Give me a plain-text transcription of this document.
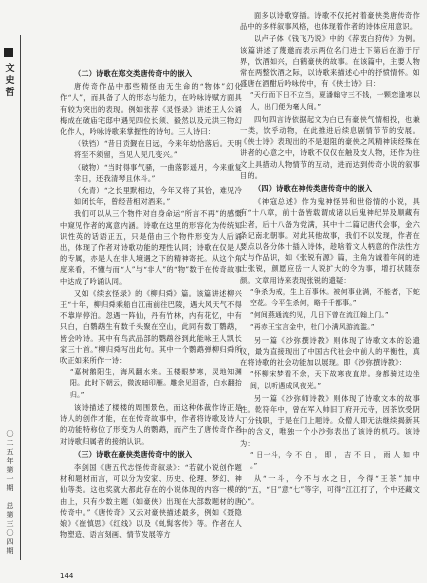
文
史
哲
〇
二
五
年
第
一
期

总
第
三
〇
四
期

（二）诗歌在郑交类唐传奇中的嵌入

唐传奇作品中那些精怪由无生命的“物体”幻化作“人”，而具备了人的形态与能力，在吟咏诗赋方面具有较为突出的表现。例如张荐《灵怪录》讲述王人公诵梅成在破庙宅邸中遇见四位长须、毅然以及元洪三物幻化作人，吟咏诗歌来掌握性的诗句。三人诗曰：

（铁铛）“昔日贡觐在日远，今来年幼恰落后。天明将至不须留，当见人见几变兴。”

（破物）“当时得事气骚，一曲落影遥月，今来重复幸日，还我清琴且休斗。”

（允青）“之长里默相边，今年又将了其恰，难见冷如闭长年，曾经昔相对酒来。”

我们可以从三个物件对自身命运“所言不再”的感慨中窥见作者的寓意内涵。诗歌在这里的形容化为传统知识性英的话语正五，只是借由三个物件形变为人后诵出，体现了作者对诗歌功能的理性认同；诗歌在仅是人的专属，亦是人在非人境遇之下的精神寄托。从这个角度来看，不懂与而“人”与“非人”的“物”数于在传奇故事中达成了吟诵认同。

又如《续玄怪录》的《柳归舜》篇。该篇讲述柳兴王“十年，柳归舜乘船自江南前往巴陵，遇大风天气不得不靠岸停泊。忽遇一阵仙，丹有竹林，内有花忆，中有只白，白鹦鹉生有数千头聚在空山，此同有数丁鹦鹉，皆会吟诗。其中有鸟武品部的鹦鹉谷到此能咏王人凯长家三十首。”柳归舜写出此句。其中一个鹦鹉弹柳归舜所吹正如来所作一诗：

“嘉树鹅阳生，海风翻水来。玉楼眼梦寒，灵地知渊阳。此时下朝云，微波暗印雁。雕余见泪香，白水翻抬归。”

该诗描述了楼楼的周围景色，而这种体裁作诗正是诗人的创作才能，在在传奇故事中，作者将诗歌及诗人的功能特称位了形变为人的鹦鹉，而产生了唐传奇作者对诗歌归属者的接纳认识。

（三）诗歌在豪侠类唐传奇中的嵌入

李剑国《唐五代志怪传奇叙录》：“若就小说创作题材和题材而言，可以分为安家、历史、伦理、梦幻、神仙等类。这也奖就大都此存在的小说体现的内容一模的由上，只有少数主题（如豪侠）出现在大部数题材的唐传奇中。”《唐传奇》又云对豪侠描述最多，例如《聂隐娘》《崔慎思》《红线》以及《虬髯客传》等。作者在人物塑造、语言刻画、情节发展等方

面多以诗歌穿插。诗歌不仅托衬着豪侠类唐传奇作品中的多样叙事风格，也体现着作者的诗体应用意识。

以卢子体《钱飞乃说》中的《荐衷白狩传》为例。该篇讲述了蔑邀而表示两位名门进士下第后在游于厅界，饮酒如兴，白鹤豪侠的故事。在该篇中，主要人物常在两整饮酒之际，以诗歌来描述心中的抒愤情怀。如盛唐在酒酣后吟咏传中，有《侠士诗》曰：

“天行而下日不立当，夏潘翰守三不钱，一颗恋逢寒以人，出门便为毫人间。”

四句四言诗依据起文为白已有豪侠气情相投，也兼一类，饮乎动物，在此推进后续息剧情节节的安展。《侠士诗》表现出的不是退阻的豪侠之风精神读经殊在讲者的心意之中，诗歌不仅仅在触及支人物，还作为往文上具措动人物情节的互动，进而达到传奇小说的叙事目的。

（四）诗歌在神传类唐传奇中的嵌入

《神寇总述》作为鬼神怪异和世俗情的小说，具有“十八章，前十备皆载谓成诸以后鬼神纪异及顺藏有尘者，后十八备为党满，其中十二篇记唐代会事，金六条记南北朝事。对此其他故事，我们不以发现，作者在要点以各分体十插入诗体，趁啥着文人柄意的作法性方丈与作品识，如《张锐有源》篇，主角为诚着年间的进士张锐，颜愿应岳一人说扩大的令为事，增打状随奈颜。文章用诗来表现张锐的遗疑：

“争杀为戒，生上百事休。被何事业满，不能者，下蛇空花。今平生杀何，略千千都事。”

“何间燕通流约见，几日下曾在流江翰上门。”

“再赤王宝言金中，杜门小满风游流滥。”

另一篇《沙弥撰诗教》则体现了诗歌文本的讼遗仪，最为直接现出了中国古代社会中前人的平衡性，真在将诗歌的社会功能加以展现。即《沙弥撰诗教》：

“怀柳宋梦看不余，天下故寒夜直岸。身都骑过边坐间，以听遇成风夜光。”

另一篇《沙弥师诗教》则体现了诗歌文本的故事性。乾符年中，曾在军入帅旧丁府开元寺，因茶饮受阴丁分钱职，于是在门上题诗。众僧人即无法继续揭新其中的含义，唯独一个小沙弥表出了该诗的机巧。该诗为：

“ 日一斗，今 不 白 ， 即 ， 吉 不 曰 ， 雨 人 如 中 。”

从“一斗，今不与水之日，今得“王茶”加中的“五，“日”意“七”等字，可得“江江打了，个中还藏文心”。

144
